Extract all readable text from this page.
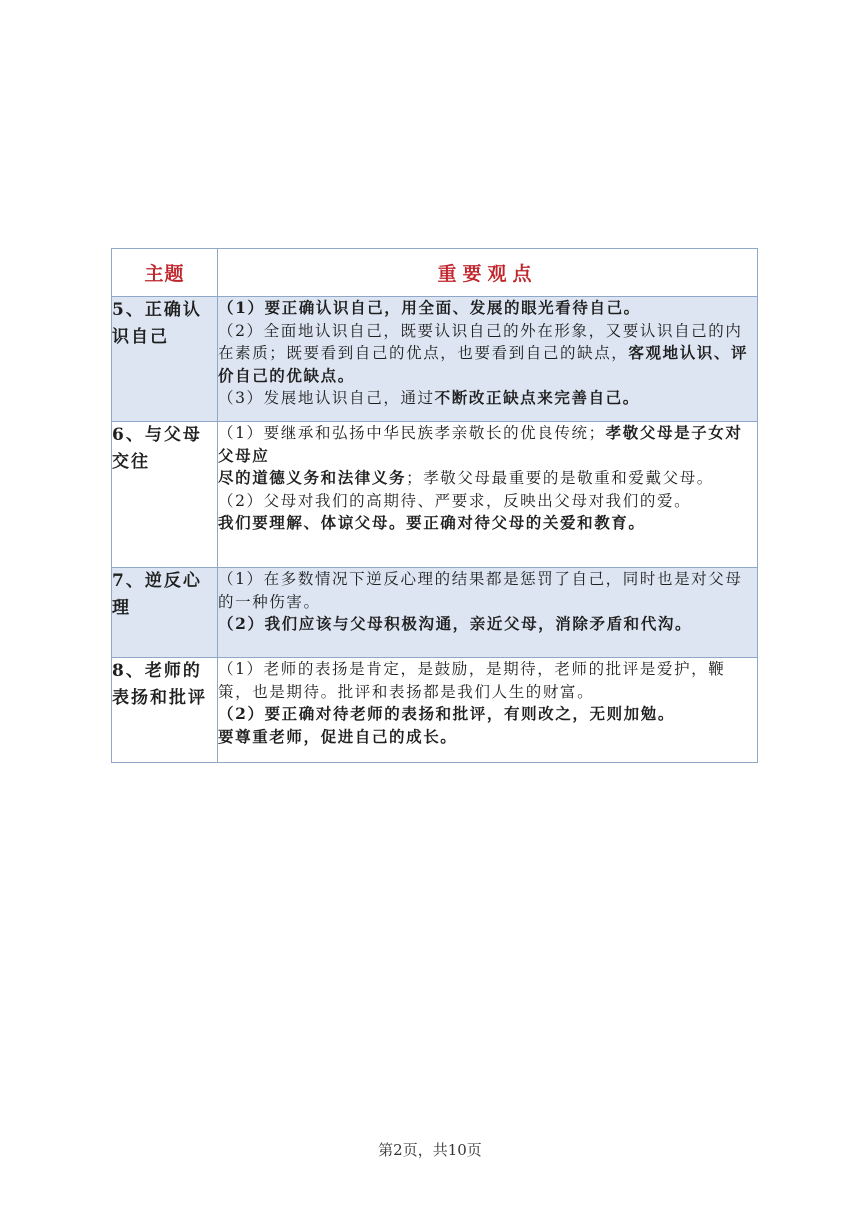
主题	重要观点
5、正确认识自己	（1）要正确认识自己，用全面、发展的眼光看待自己。
（2）全面地认识自己，既要认识自己的外在形象，又要认识自己的内在素质；既要看到自己的优点，也要看到自己的缺点，客观地认识、评价自己的优缺点。
（3）发展地认识自己，通过不断改正缺点来完善自己。

6、与父母交往	（1）要继承和弘扬中华民族孝亲敬长的优良传统；孝敬父母是子女对父母应
尽的道德义务和法律义务；孝敬父母最重要的是敬重和爱戴父母。
（2）父母对我们的高期待、严要求，反映出父母对我们的爱。
我们要理解、体谅父母。要正确对待父母的关爱和教育。

7、逆反心理	（1）在多数情况下逆反心理的结果都是惩罚了自己，同时也是对父母的一种伤害。
（2）我们应该与父母积极沟通，亲近父母，消除矛盾和代沟。

8、老师的表扬和批评	（1）老师的表扬是肯定，是鼓励，是期待，老师的批评是爱护，鞭策，也是期待。批评和表扬都是我们人生的财富。
（2）要正确对待老师的表扬和批评，有则改之，无则加勉。
要尊重老师，促进自己的成长。
第2页，共10页
